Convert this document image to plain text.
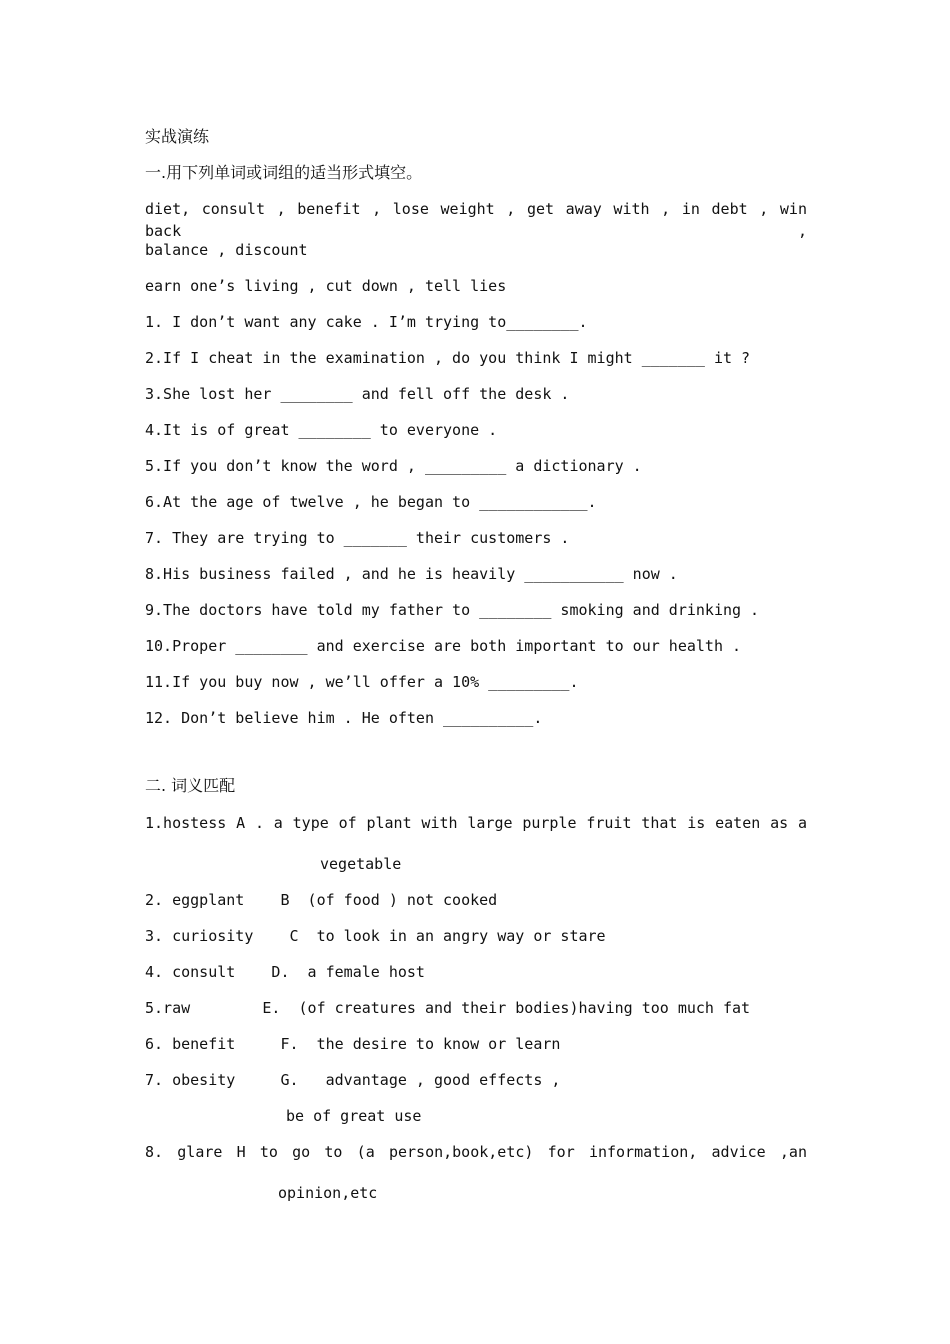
实战演练
一.用下列单词或词组的适当形式填空。
diet, consult , benefit , lose weight , get away with , in debt , win back ,
balance , discount
earn one’s living , cut down , tell lies
1. I don’t want any cake . I’m trying to________.
2.If I cheat in the examination , do you think I might _______ it ?
3.She lost her ________ and fell off the desk .
4.It is of great ________ to everyone .
5.If you don’t know the word , _________ a dictionary .
6.At the age of twelve , he began to ____________.
7. They are trying to _______ their customers .
8.His business failed , and he is heavily ___________ now .
9.The doctors have told my father to ________ smoking and drinking .
10.Proper ________ and exercise are both important to our health .
11.If you buy now , we’ll offer a 10% _________.
12. Don’t believe him . He often __________.
二. 词义匹配
1.hostess A . a type of plant with large purple fruit that is eaten as a
vegetable
2. eggplant    B  (of food ) not cooked
3. curiosity    C  to look in an angry way or stare
4. consult    D.  a female host
5.raw        E.  (of creatures and their bodies)having too much fat
6. benefit     F.  the desire to know or learn
7. obesity     G.   advantage , good effects ,
be of great use
8. glare H to go to (a person,book,etc) for information, advice ,an
opinion,etc
